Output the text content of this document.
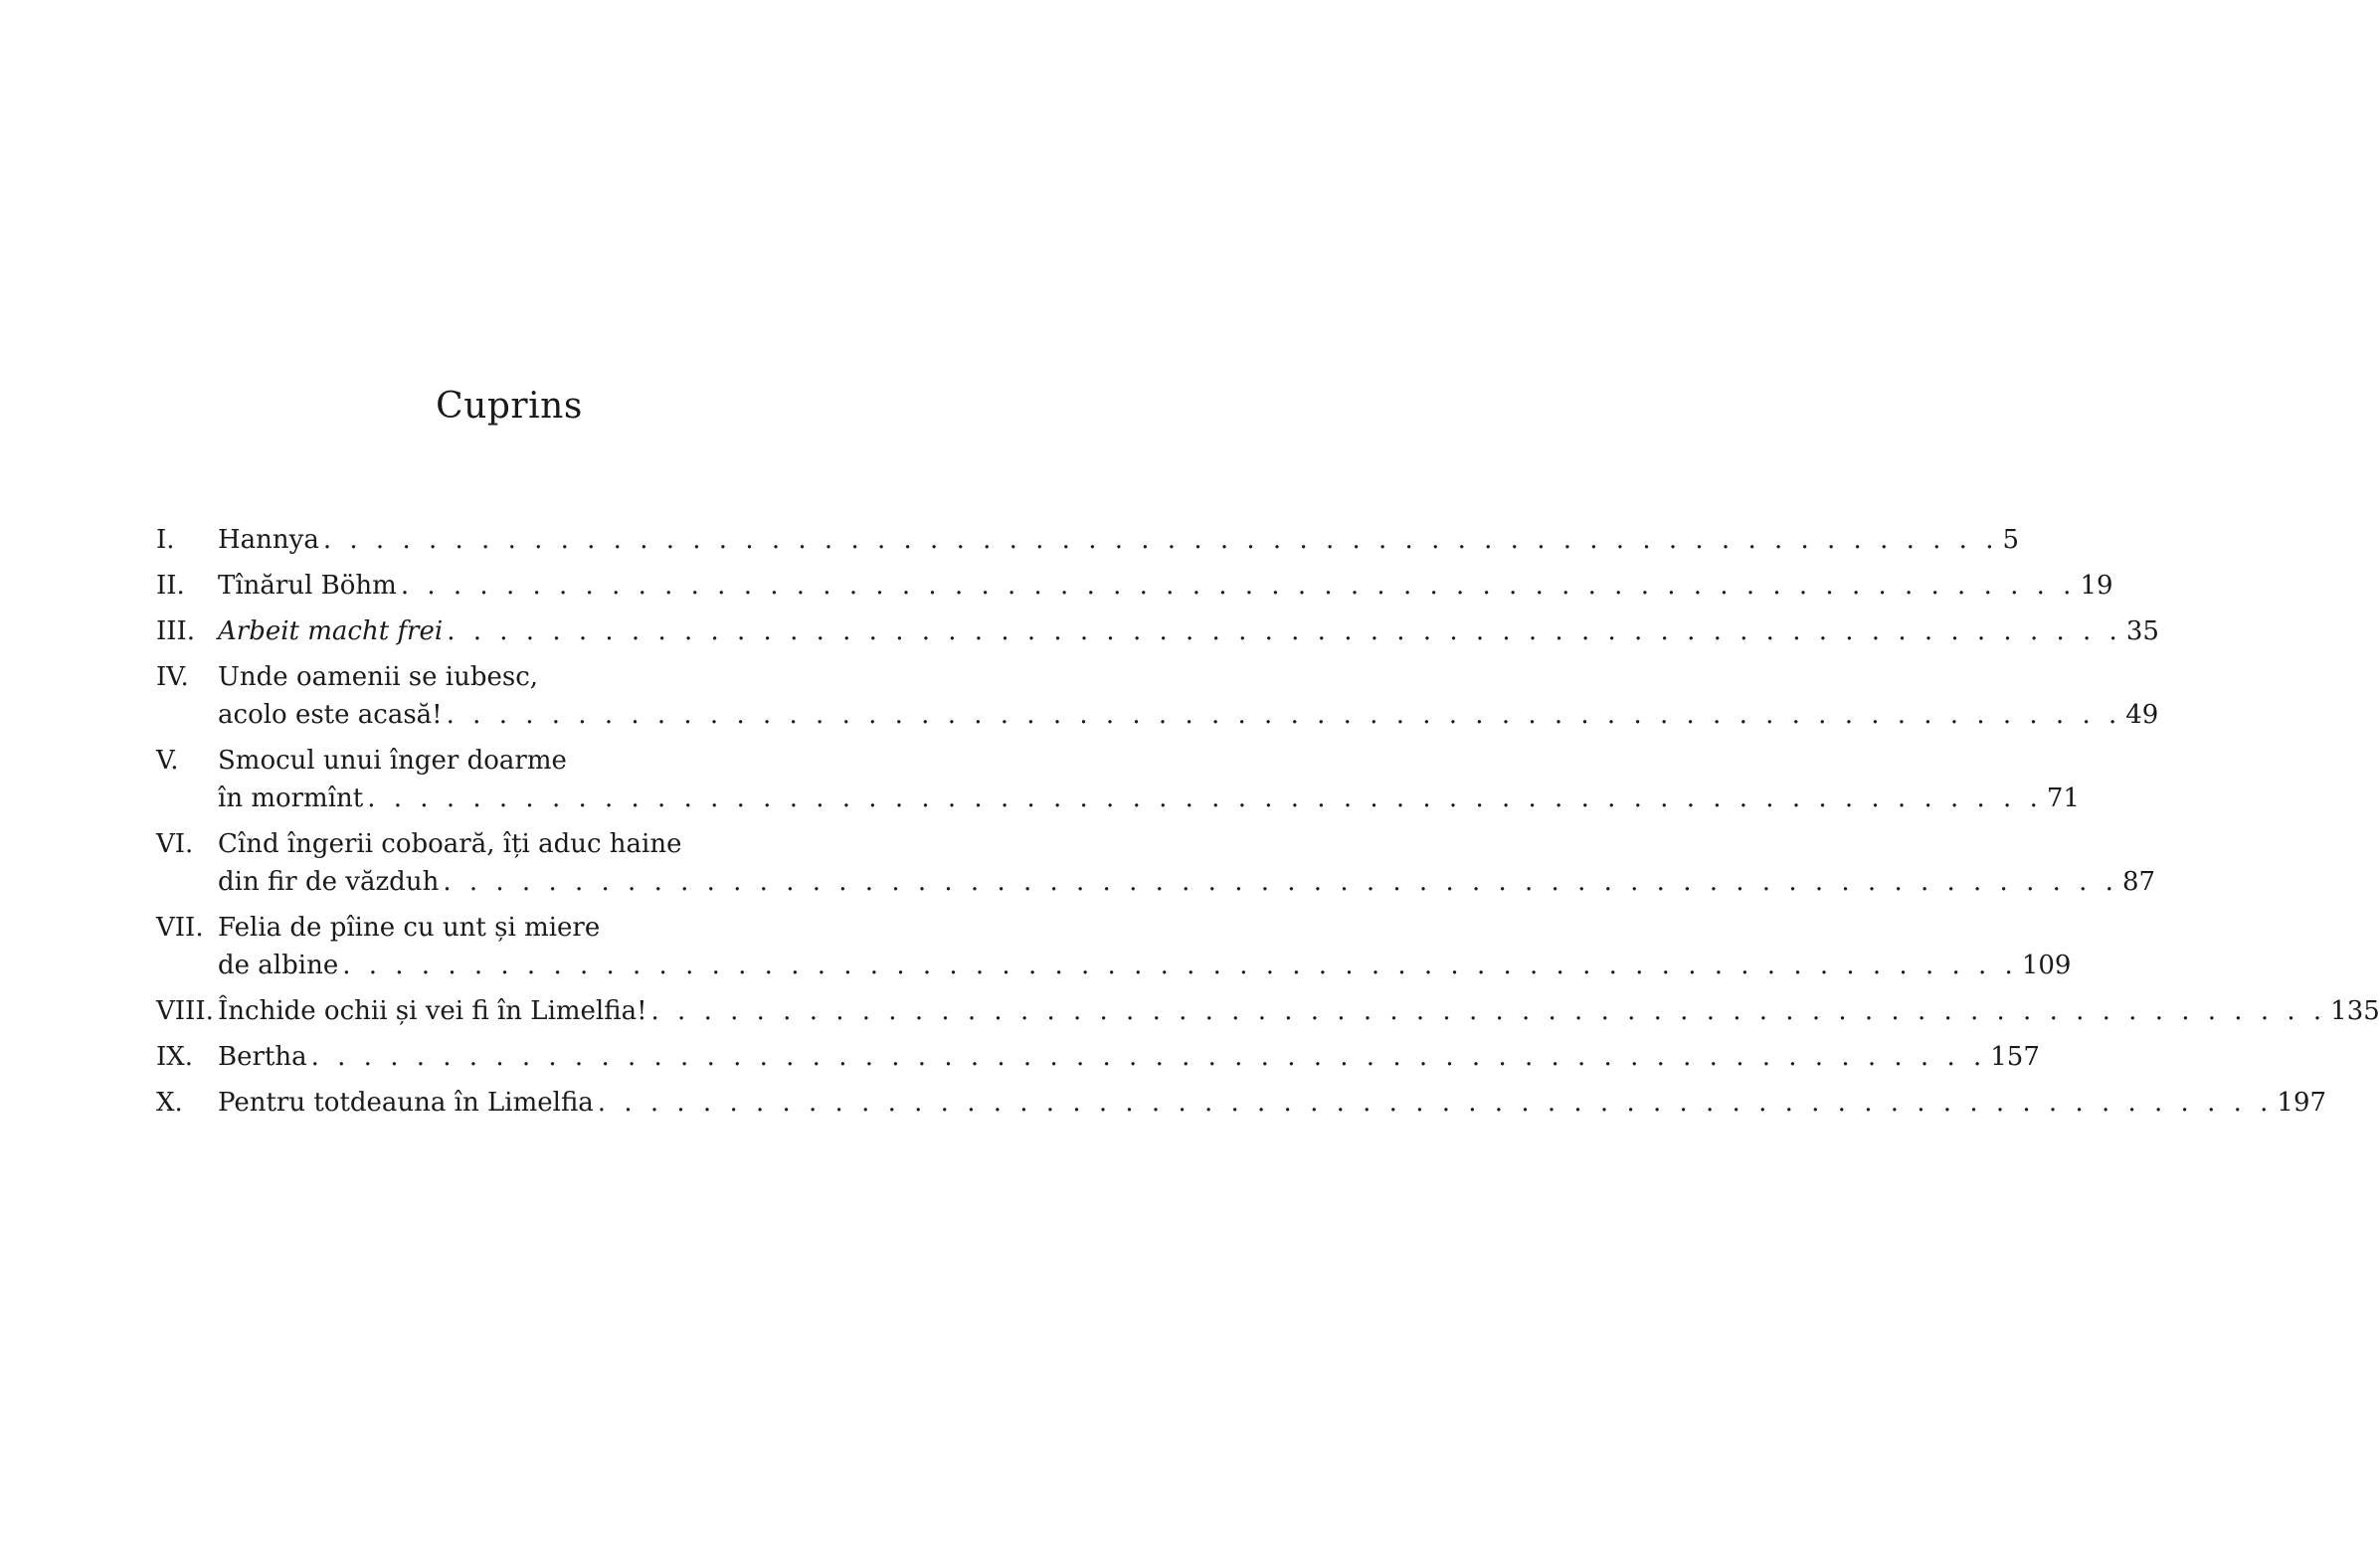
Cuprins
I.	Hannya . . . . . . . . . . . . . . . . . . . . . . . . . . . . . . . . . . . . . . . . . . . . . . . . . . . . . . . . . . . . . . . . 5
II.	Tînărul Böhm . . . . . . . . . . . . . . . . . . . . . . . . . . . . . . . . . . . . . . . . . . . . . . . . . . . . . . . . . . . . . . . . 19
III. Arbeit macht frei . . . . . . . . . . . . . . . . . . . . . . . . . . . . . . . . . . . . . . . . . . . . . . . . . . . . . . . . . . . . . . . . 35
IV.	Unde oamenii se iubesc,
acolo este acasă! . . . . . . . . . . . . . . . . . . . . . . . . . . . . . . . . . . . . . . . . . . . . . . . . . . . . . . . . . . . . . . . . 49
V.	Smocul unui înger doarme
în mormînt . . . . . . . . . . . . . . . . . . . . . . . . . . . . . . . . . . . . . . . . . . . . . . . . . . . . . . . . . . . . . . . . 71
VI. Cînd îngerii coboară, îți aduc haine
din fir de văzduh . . . . . . . . . . . . . . . . . . . . . . . . . . . . . . . . . . . . . . . . . . . . . . . . . . . . . . . . . . . . . . . . 87
VII. Felia de pîine cu unt și miere
de albine . . . . . . . . . . . . . . . . . . . . . . . . . . . . . . . . . . . . . . . . . . . . . . . . . . . . . . . . . . . . . . . . 109
VIII. Închide ochii și vei fi în Limelfia! . . . . . . . . . . . . . . . . . . . . . . . . . . . . . . . . . . . . . . . . . . . . . . . . . . . . . . . . . . . . . . . . 135
IX. Bertha . . . . . . . . . . . . . . . . . . . . . . . . . . . . . . . . . . . . . . . . . . . . . . . . . . . . . . . . . . . . . . . . 157
X.	Pentru totdeauna în Limelfia . . . . . . . . . . . . . . . . . . . . . . . . . . . . . . . . . . . . . . . . . . . . . . . . . . . . . . . . . . . . . . . . 197
